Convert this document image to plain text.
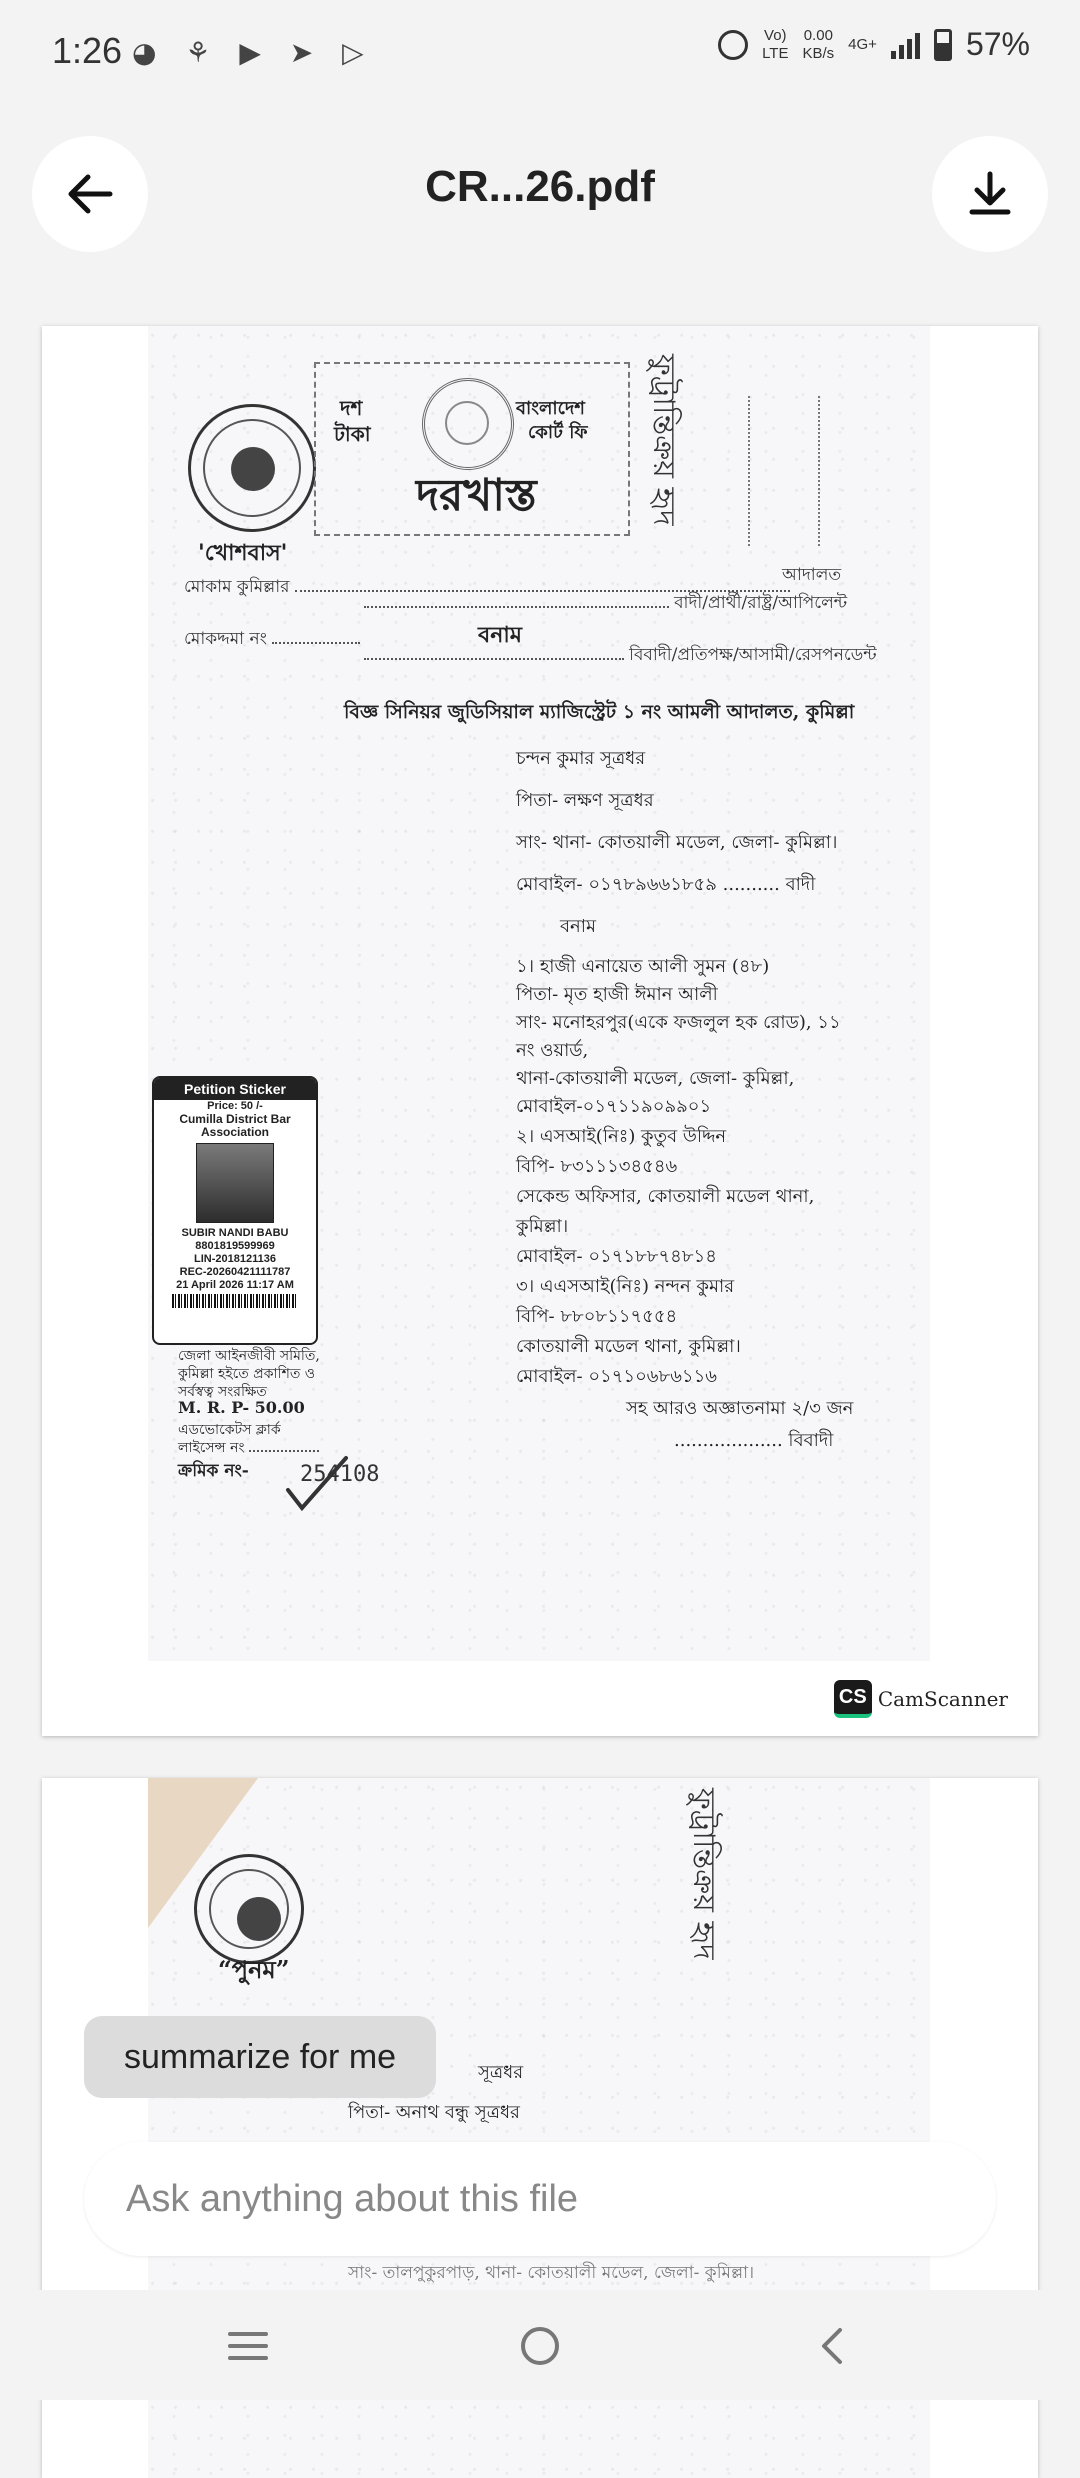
1:26 ◕ ⚘ ▶ ➤ ▷
Vo)
LTE
0.00
KB/s
4G+	57%
CR...26.pdf
'খোশবাস'
দশ
টাকা
বাংলাদেশ
কোর্ট ফি
দরখাস্ত	ফুট্ৰান্তিক্রয় হৃদ
আদালত
মোকাম কুমিল্লার
বাদী/প্রার্থী/রাষ্ট্র/আপিলেন্ট
মোকদ্দমা নং	বনাম
বিবাদী/প্রতিপক্ষ/আসামী/রেসপনডেন্ট
বিজ্ঞ সিনিয়র জুডিসিয়াল ম্যাজিস্ট্রেট ১ নং আমলী আদালত, কুমিল্লা
চন্দন কুমার সূত্রধর
পিতা- লক্ষণ সূত্রধর
সাং- থানা- কোতয়ালী মডেল, জেলা- কুমিল্লা।
মোবাইল- ০১৭৮৯৬৬১৮৫৯ .......... বাদী
বনাম
১। হাজী এনায়েত আলী সুমন (৪৮)
পিতা- মৃত হাজী ঈমান আলী
সাং- মনোহরপুর(একে ফজলুল হক রোড), ১১
নং ওয়ার্ড,
থানা-কোতয়ালী মডেল, জেলা- কুমিল্লা,
মোবাইল-০১৭১১৯০৯৯০১
২। এসআই(নিঃ) কুতুব উদ্দিন
বিপি- ৮৩১১১৩৪৫৪৬
সেকেন্ড অফিসার, কোতয়ালী মডেল থানা,
কুমিল্লা।
মোবাইল- ০১৭১৮৮৭৪৮১৪
৩। এএসআই(নিঃ) নন্দন কুমার
বিপি- ৮৮০৮১১৭৫৫৪
কোতয়ালী মডেল থানা, কুমিল্লা।
মোবাইল- ০১৭১০৬৮৬১১৬
সহ আরও অজ্ঞাতনামা ২/৩ জন
................... বিবাদী
Petition Sticker
Price: 50 /-
Cumilla District Bar
Association
SUBIR NANDI BABU
8801819599969
LIN-2018121136
REC-20260421111787
21 April 2026 11:17 AM
জেলা আইনজীবী সমিতি,
কুমিল্লা হইতে প্রকাশিত ও
সর্বস্বত্ব সংরক্ষিত
M. R. P- 50.00
এডভোকেটস ক্লার্ক
লাইসেন্স নং
ক্রমিক নং- 254108
CS CamScanner
“পুনম”
ফুট্ৰান্তিক্রয় হৃদ
সূত্রধর
পিতা- অনাথ বন্ধু সূত্রধর
সাং- তালপুকুরপাড়, থানা- কোতয়ালী মডেল, জেলা- কুমিল্লা।
summarize for me
Ask anything about this file
